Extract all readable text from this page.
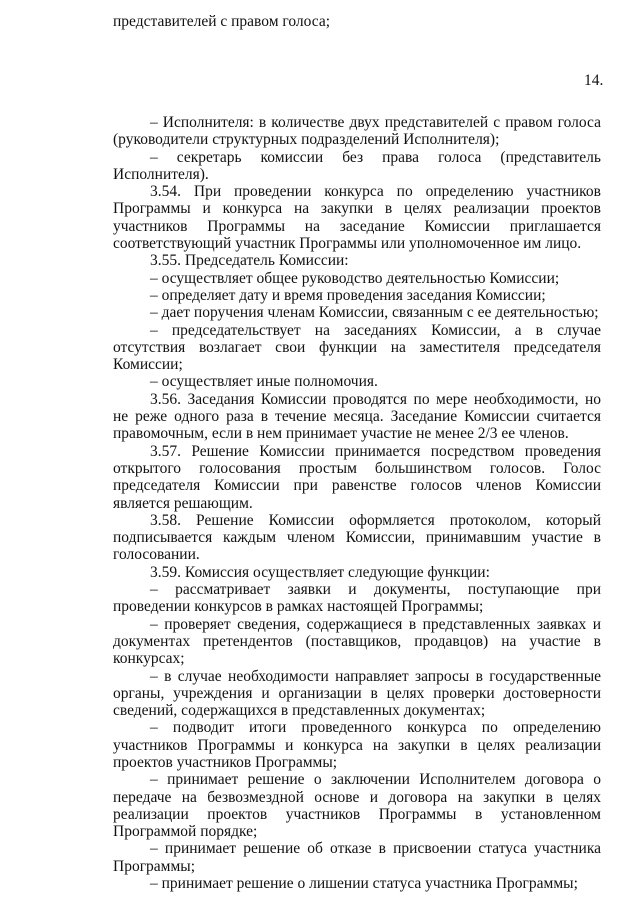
представителей с правом голоса;
14.

– Исполнителя: в количестве двух представителей с правом голоса (руководители структурных подразделений Исполнителя);

– секретарь комиссии без права голоса (представитель Исполнителя).

3.54. При проведении конкурса по определению участников Программы и конкурса на закупки в целях реализации проектов участников Программы на заседание Комиссии приглашается соответствующий участник Программы или уполномоченное им лицо.

3.55. Председатель Комиссии:

– осуществляет общее руководство деятельностью Комиссии;

– определяет дату и время проведения заседания Комиссии;

– дает поручения членам Комиссии, связанным с ее деятельностью;

– председательствует на заседаниях Комиссии, а в случае отсутствия возлагает свои функции на заместителя председателя Комиссии;

– осуществляет иные полномочия.

3.56. Заседания Комиссии проводятся по мере необходимости, но не реже одного раза в течение месяца. Заседание Комиссии считается правомочным, если в нем принимает участие не менее 2/3 ее членов.

3.57. Решение Комиссии принимается посредством проведения открытого голосования простым большинством голосов. Голос председателя Комиссии при равенстве голосов членов Комиссии является решающим.

3.58. Решение Комиссии оформляется протоколом, который подписывается каждым членом Комиссии, принимавшим участие в голосовании.

3.59. Комиссия осуществляет следующие функции:

– рассматривает заявки и документы, поступающие при проведении конкурсов в рамках настоящей Программы;

– проверяет сведения, содержащиеся в представленных заявках и документах претендентов (поставщиков, продавцов) на участие в конкурсах;

– в случае необходимости направляет запросы в государственные органы, учреждения и организации в целях проверки достоверности сведений, содержащихся в представленных документах;

– подводит итоги проведенного конкурса по определению участников Программы и конкурса на закупки в целях реализации проектов участников Программы;

– принимает решение о заключении Исполнителем договора о передаче на безвозмездной основе и договора на закупки в целях реализации проектов участников Программы в установленном Программой порядке;

– принимает решение об отказе в присвоении статуса участника Программы;

– принимает решение о лишении статуса участника Программы;
